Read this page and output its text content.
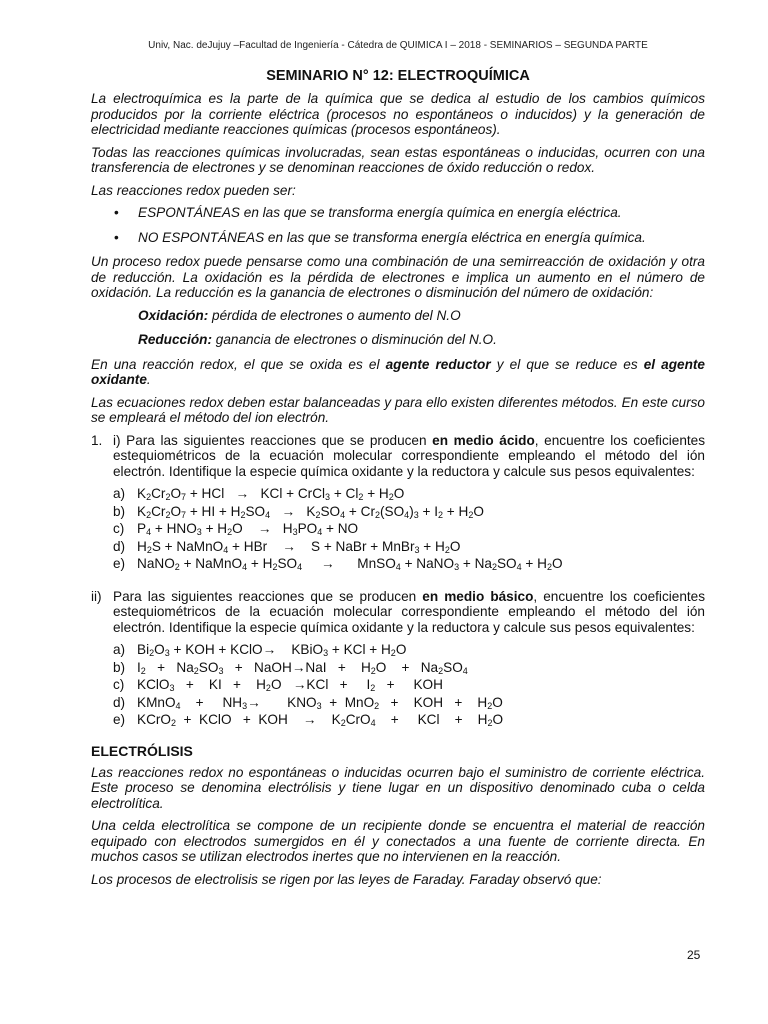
Univ, Nac. deJujuy –Facultad de Ingeniería - Cátedra de QUIMICA I – 2018 - SEMINARIOS – SEGUNDA PARTE
SEMINARIO N° 12: ELECTROQUÍMICA

La electroquímica es la parte de la química que se dedica al estudio de los cambios químicos producidos por la corriente eléctrica (procesos no espontáneos o inducidos) y la generación de electricidad mediante reacciones químicas (procesos espontáneos).

Todas las reacciones químicas involucradas, sean estas espontáneas o inducidas, ocurren con una transferencia de electrones y se denominan reacciones de óxido reducción o redox.

Las reacciones redox pueden ser:

• ESPONTÁNEAS en las que se transforma energía química en energía eléctrica.
• NO ESPONTÁNEAS en las que se transforma energía eléctrica en energía química.

Un proceso redox puede pensarse como una combinación de una semirreacción de oxidación y otra de reducción. La oxidación es la pérdida de electrones e implica un aumento en el número de oxidación. La reducción es la ganancia de electrones o disminución del número de oxidación:

Oxidación: pérdida de electrones o aumento del N.O
Reducción: ganancia de electrones o disminución del N.O.

En una reacción redox, el que se oxida es el agente reductor y el que se reduce es el agente oxidante.

Las ecuaciones redox deben estar balanceadas y para ello existen diferentes métodos. En este curso se empleará el método del ion electrón.

1. i) Para las siguientes reacciones que se producen en medio ácido, encuentre los coeficientes estequiométricos de la ecuación molecular correspondiente empleando el método del ión electrón. Identifique la especie química oxidante y la reductora y calcule sus pesos equivalentes:
a) $K_2Cr_2O_7$ + HCl   →   KCl + CrCl$_3$ + $Cl_2 + H_2O$
b) $K_2Cr_2O_7$ + HI + $H_2SO_4 \to K_2SO_4 + Cr_2(SO_4)_3 + I_2 + H_2O$
c) $P_4 + HNO_3 + H_2O$    →   $H_3PO_4$ + NO
d) $H_2S$ + NaMnO$_4$ + HBr    →    S + NaBr + MnBr$_3$ + $H_2O$
e) NaNO$_2$ + NaMnO$_4$ + $H_2SO_4$     →      MnSO$_4$ + NaNO$_3$ + $Na_2SO_4 + H_2O$
ii) Para las siguientes reacciones que se producen en medio básico, encuentre los coeficientes estequiométricos de la ecuación molecular correspondiente empleando el método del ión electrón. Identifique la especie química oxidante y la reductora y calcule sus pesos equivalentes:
a) $Bi_2O_3$ + KOH + KClO→    KBiO$_3$ + KCl + $H_2O$
b) $I_2 + Na_2SO_3$   +   NaOH→NaI   +    $H_2O$    +   $Na_2SO_4$
c) KClO$_3$   +    KI   +    $H_2O \to KCl$   +     $I_2$   +     KOH
d) KMnO$_4$    +     $NH_3\to$       $KNO_3 + MnO_2$   +    KOH   +    $H_2O$
e) KCrO$_2$  +  KClO   +  KOH    →    $K_2CrO_4$    +     KCl    +    $H_2O$
ELECTRÓLISIS

Las reacciones redox no espontáneas o inducidas ocurren bajo el suministro de corriente eléctrica. Este proceso se denomina electrólisis y tiene lugar en un dispositivo denominado cuba o celda electrolítica.

Una celda electrolítica se compone de un recipiente donde se encuentra el material de reacción equipado con electrodos sumergidos en él y conectados a una fuente de corriente directa. En muchos casos se utilizan electrodos inertes que no intervienen en la reacción.

Los procesos de electrolisis se rigen por las leyes de Faraday. Faraday observó que:

25
